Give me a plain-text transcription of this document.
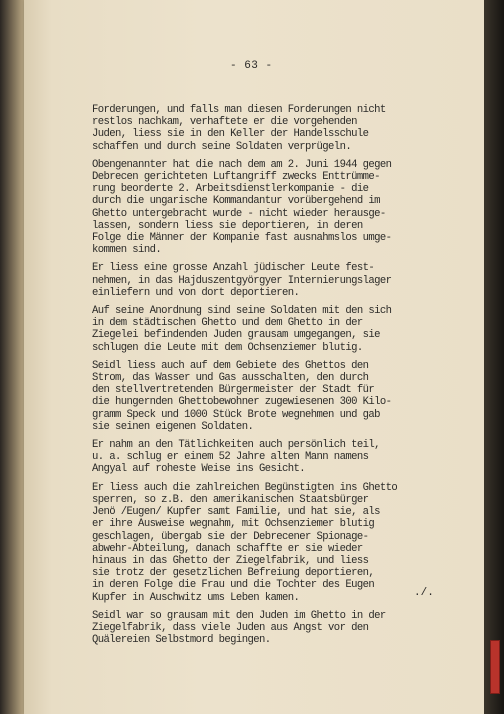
- 63 -

Forderungen, und falls man diesen Forderungen nicht
restlos nachkam, verhaftete er die vorgehenden
Juden, liess sie in den Keller der Handelsschule
schaffen und durch seine Soldaten verprügeln.

Obengenannter hat die nach dem am 2. Juni 1944 gegen
Debrecen gerichteten Luftangriff zwecks Enttrümme-
rung beorderte 2. Arbeitsdienstlerkompanie - die
durch die ungarische Kommandantur vorübergehend im
Ghetto untergebracht wurde - nicht wieder herausge-
lassen, sondern liess sie deportieren, in deren
Folge die Männer der Kompanie fast ausnahmslos umge-
kommen sind.

Er liess eine grosse Anzahl jüdischer Leute fest-
nehmen, in das Hajduszentgyörgyer Internierungslager
einliefern und von dort deportieren.

Auf seine Anordnung sind seine Soldaten mit den sich
in dem städtischen Ghetto und dem Ghetto in der
Ziegelei befindenden Juden grausam umgegangen, sie
schlugen die Leute mit dem Ochsenziemer blutig.

Seidl liess auch auf dem Gebiete des Ghettos den
Strom, das Wasser und Gas ausschalten, den durch
den stellvertretenden Bürgermeister der Stadt für
die hungernden Ghettobewohner zugewiesenen 300 Kilo-
gramm Speck und 1000 Stück Brote wegnehmen und gab
sie seinen eigenen Soldaten.

Er nahm an den Tätlichkeiten auch persönlich teil,
u. a. schlug er einem 52 Jahre alten Mann namens
Angyal auf roheste Weise ins Gesicht.

Er liess auch die zahlreichen Begünstigten ins Ghetto
sperren, so z.B. den amerikanischen Staatsbürger
Jenö /Eugen/ Kupfer samt Familie, und hat sie, als
er ihre Ausweise wegnahm, mit Ochsenziemer blutig
geschlagen, übergab sie der Debrecener Spionage-
abwehr-Abteilung, danach schaffte er sie wieder
hinaus in das Ghetto der Ziegelfabrik, und liess
sie trotz der gesetzlichen Befreiung deportieren,
in deren Folge die Frau und die Tochter des Eugen
Kupfer in Auschwitz ums Leben kamen.

Seidl war so grausam mit den Juden im Ghetto in der
Ziegelfabrik, dass viele Juden aus Angst vor den
Quälereien Selbstmord begingen.

./.
